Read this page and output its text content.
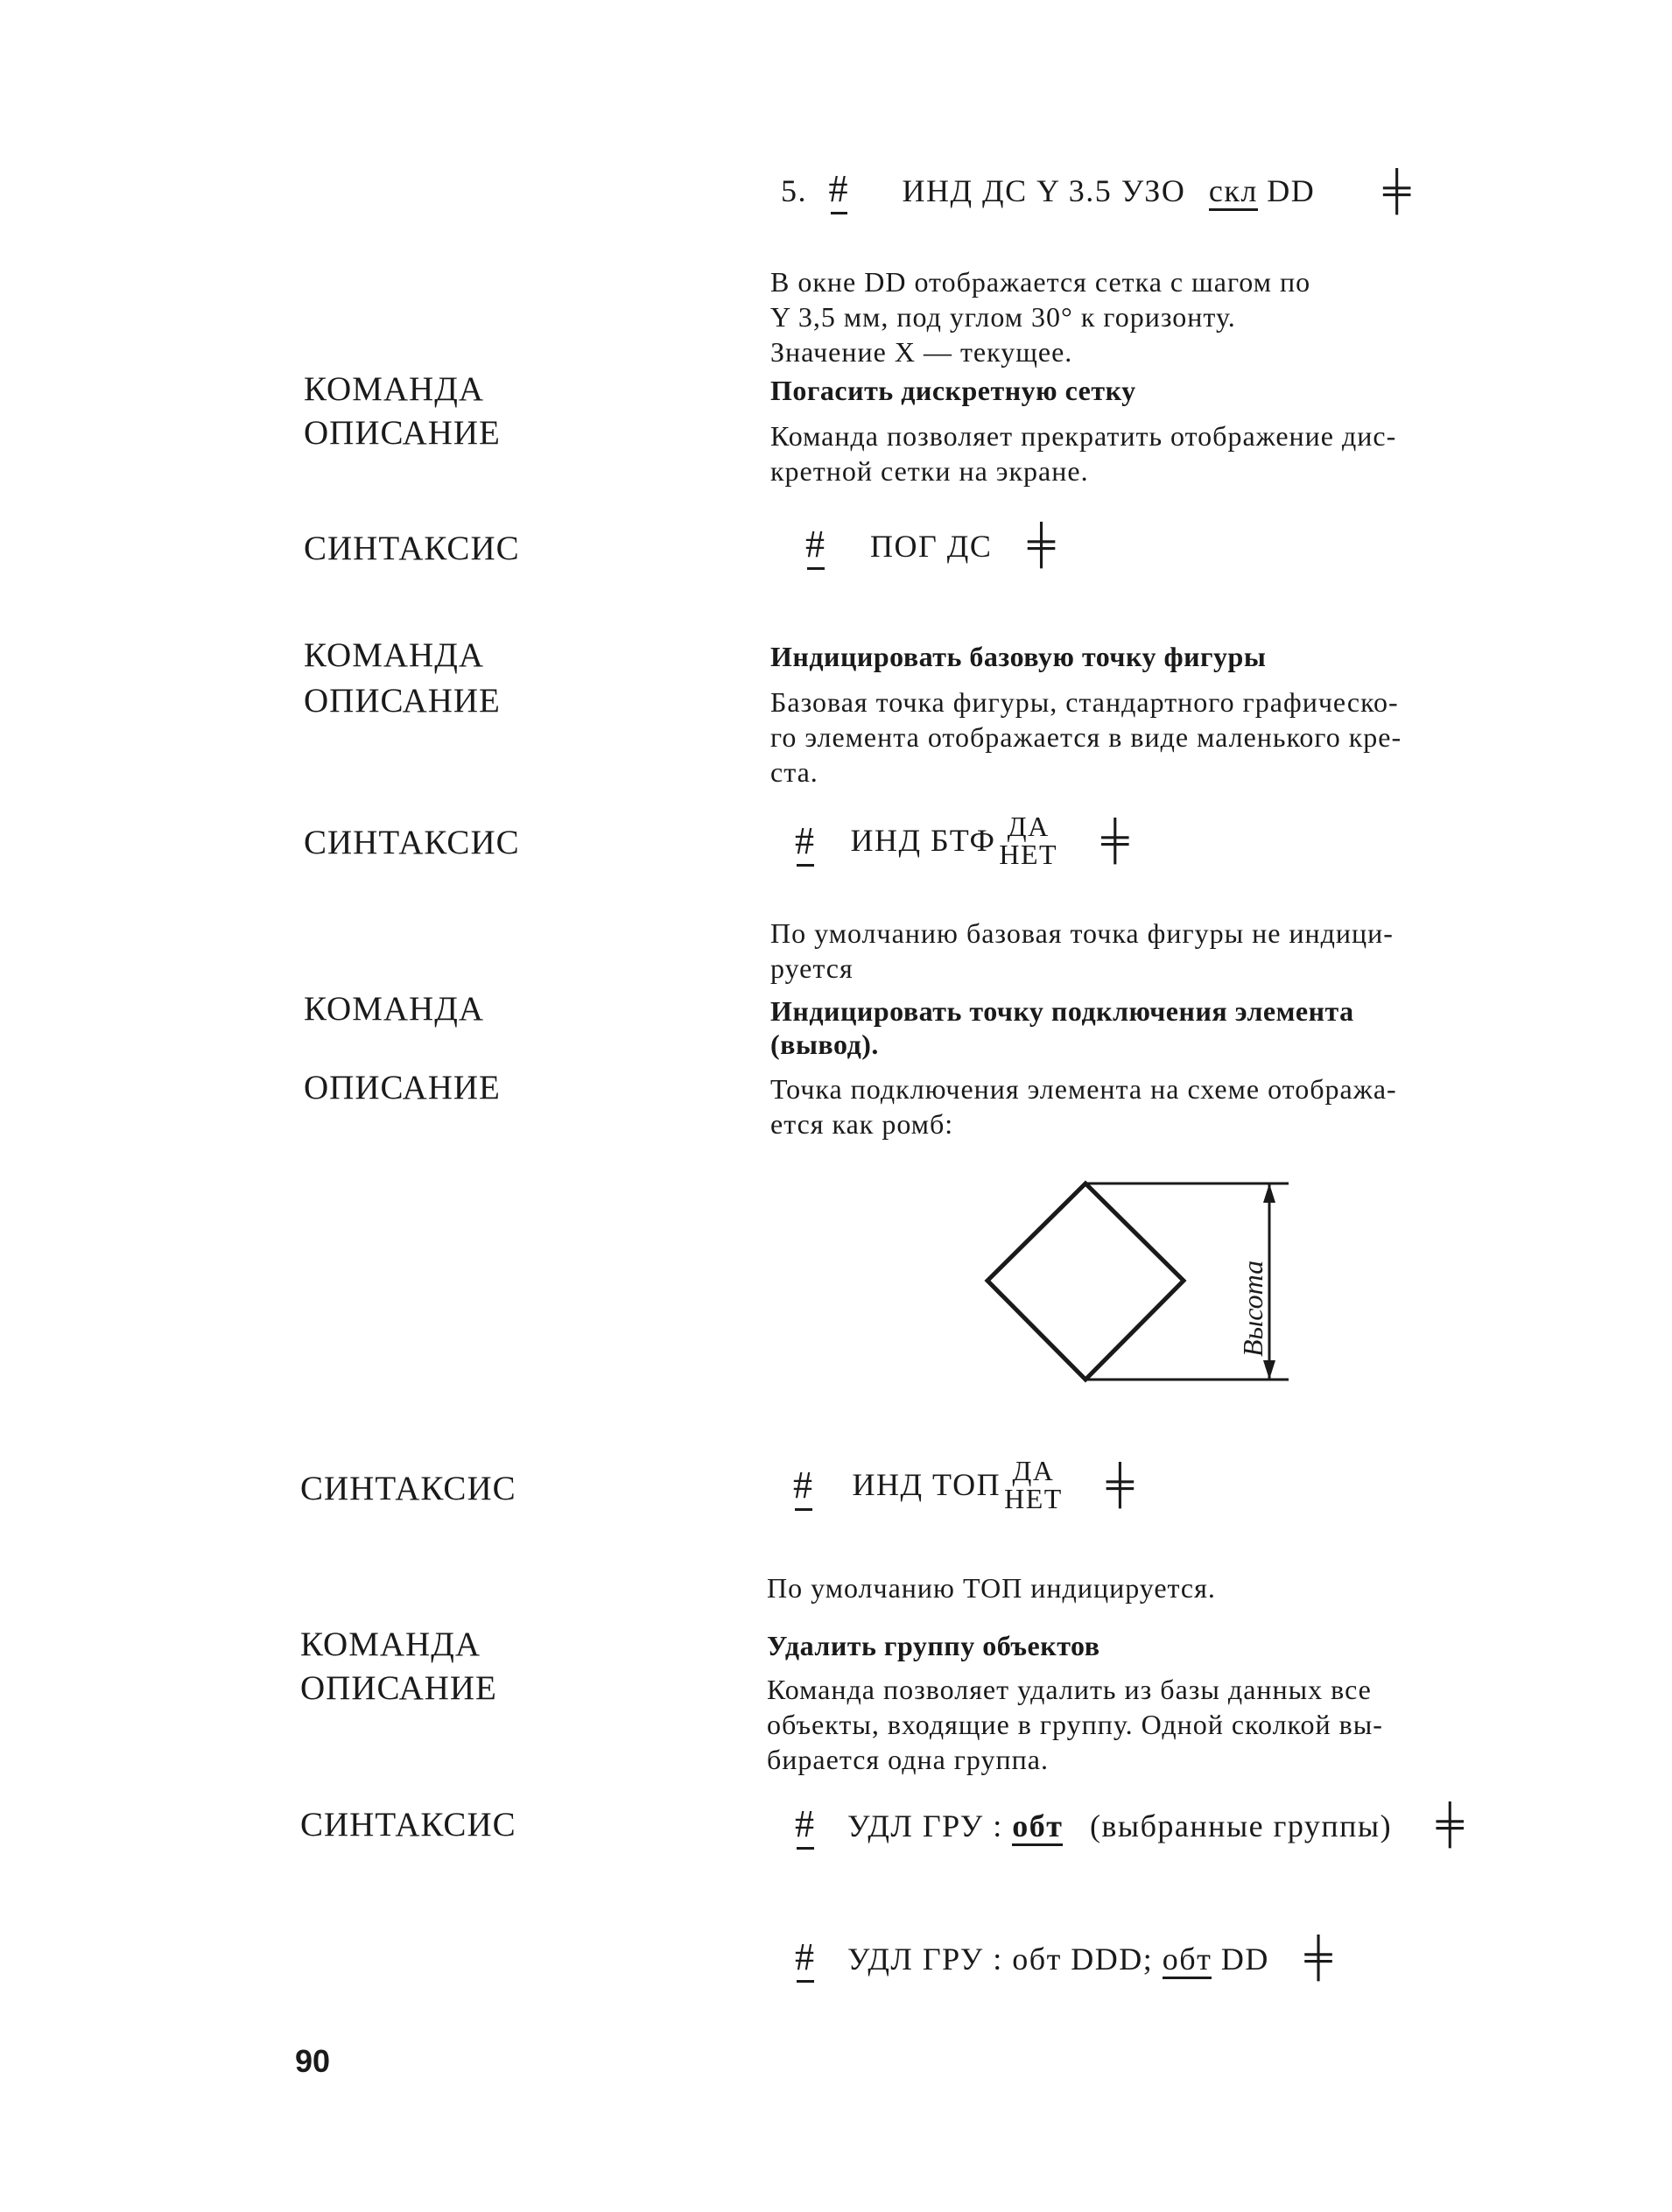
5. # ИНД ДС Y 3.5 УЗО скл DD ╪
В окне DD отображается сетка с шагом по
Y 3,5 мм, под углом 30° к горизонту.
Значение X — текущее.
КОМАНДА	Погасить дискретную сетку
ОПИСАНИЕ	Команда позволяет прекратить отображение дис-
кретной сетки на экране.
СИНТАКСИС	# ПОГ ДС ╪
КОМАНДА	Индицировать базовую точку фигуры
ОПИСАНИЕ	Базовая точка фигуры, стандартного графическо-
го элемента отображается в виде маленького кре-
ста.
СИНТАКСИС	# ИНД БТФ ДА
НЕТ ╪
По умолчанию базовая точка фигуры не индици-
руется
КОМАНДА	Индицировать точку подключения элемента
(вывод).
ОПИСАНИЕ	Точка подключения элемента на схеме отобража-
ется как ромб:
Высота
СИНТАКСИС	# ИНД ТОП ДА
НЕТ ╪
По умолчанию ТОП индицируется.
КОМАНДА	Удалить группу объектов
ОПИСАНИЕ	Команда позволяет удалить из базы данных все
объекты, входящие в группу. Одной сколкой вы-
бирается одна группа.
СИНТАКСИС	# УДЛ ГРУ : обт (выбранные группы) ╪
# УДЛ ГРУ : обт DDD; обт DD ╪
90
